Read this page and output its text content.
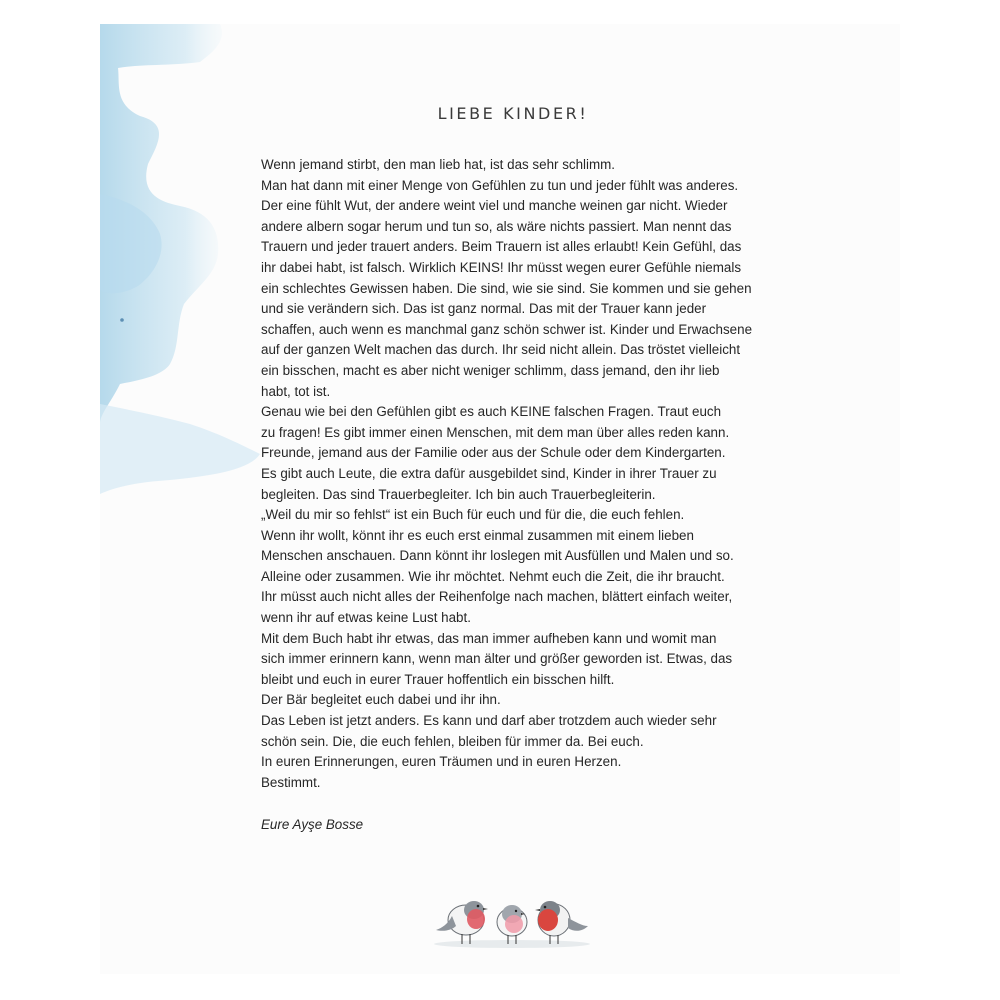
LIEBE KINDER!
Wenn jemand stirbt, den man lieb hat, ist das sehr schlimm.
Man hat dann mit einer Menge von Gefühlen zu tun und jeder fühlt was anderes.
Der eine fühlt Wut, der andere weint viel und manche weinen gar nicht. Wieder
andere albern sogar herum und tun so, als wäre nichts passiert. Man nennt das
Trauern und jeder trauert anders. Beim Trauern ist alles erlaubt! Kein Gefühl, das
ihr dabei habt, ist falsch. Wirklich KEINS! Ihr müsst wegen eurer Gefühle niemals
ein schlechtes Gewissen haben. Die sind, wie sie sind. Sie kommen und sie gehen
und sie verändern sich. Das ist ganz normal. Das mit der Trauer kann jeder
schaffen, auch wenn es manchmal ganz schön schwer ist. Kinder und Erwachsene
auf der ganzen Welt machen das durch. Ihr seid nicht allein. Das tröstet vielleicht
ein bisschen, macht es aber nicht weniger schlimm, dass jemand, den ihr lieb
habt, tot ist.
Genau wie bei den Gefühlen gibt es auch KEINE falschen Fragen. Traut euch
zu fragen! Es gibt immer einen Menschen, mit dem man über alles reden kann.
Freunde, jemand aus der Familie oder aus der Schule oder dem Kindergarten.
Es gibt auch Leute, die extra dafür ausgebildet sind, Kinder in ihrer Trauer zu
begleiten. Das sind Trauerbegleiter. Ich bin auch Trauerbegleiterin.
„Weil du mir so fehlst“ ist ein Buch für euch und für die, die euch fehlen.
Wenn ihr wollt, könnt ihr es euch erst einmal zusammen mit einem lieben
Menschen anschauen. Dann könnt ihr loslegen mit Ausfüllen und Malen und so.
Alleine oder zusammen. Wie ihr möchtet. Nehmt euch die Zeit, die ihr braucht.
Ihr müsst auch nicht alles der Reihenfolge nach machen, blättert einfach weiter,
wenn ihr auf etwas keine Lust habt.
Mit dem Buch habt ihr etwas, das man immer aufheben kann und womit man
sich immer erinnern kann, wenn man älter und größer geworden ist. Etwas, das
bleibt und euch in eurer Trauer hoffentlich ein bisschen hilft.
Der Bär begleitet euch dabei und ihr ihn.
Das Leben ist jetzt anders. Es kann und darf aber trotzdem auch wieder sehr
schön sein. Die, die euch fehlen, bleiben für immer da. Bei euch.
In euren Erinnerungen, euren Träumen und in euren Herzen.
Bestimmt.
Eure Ayşe Bosse
